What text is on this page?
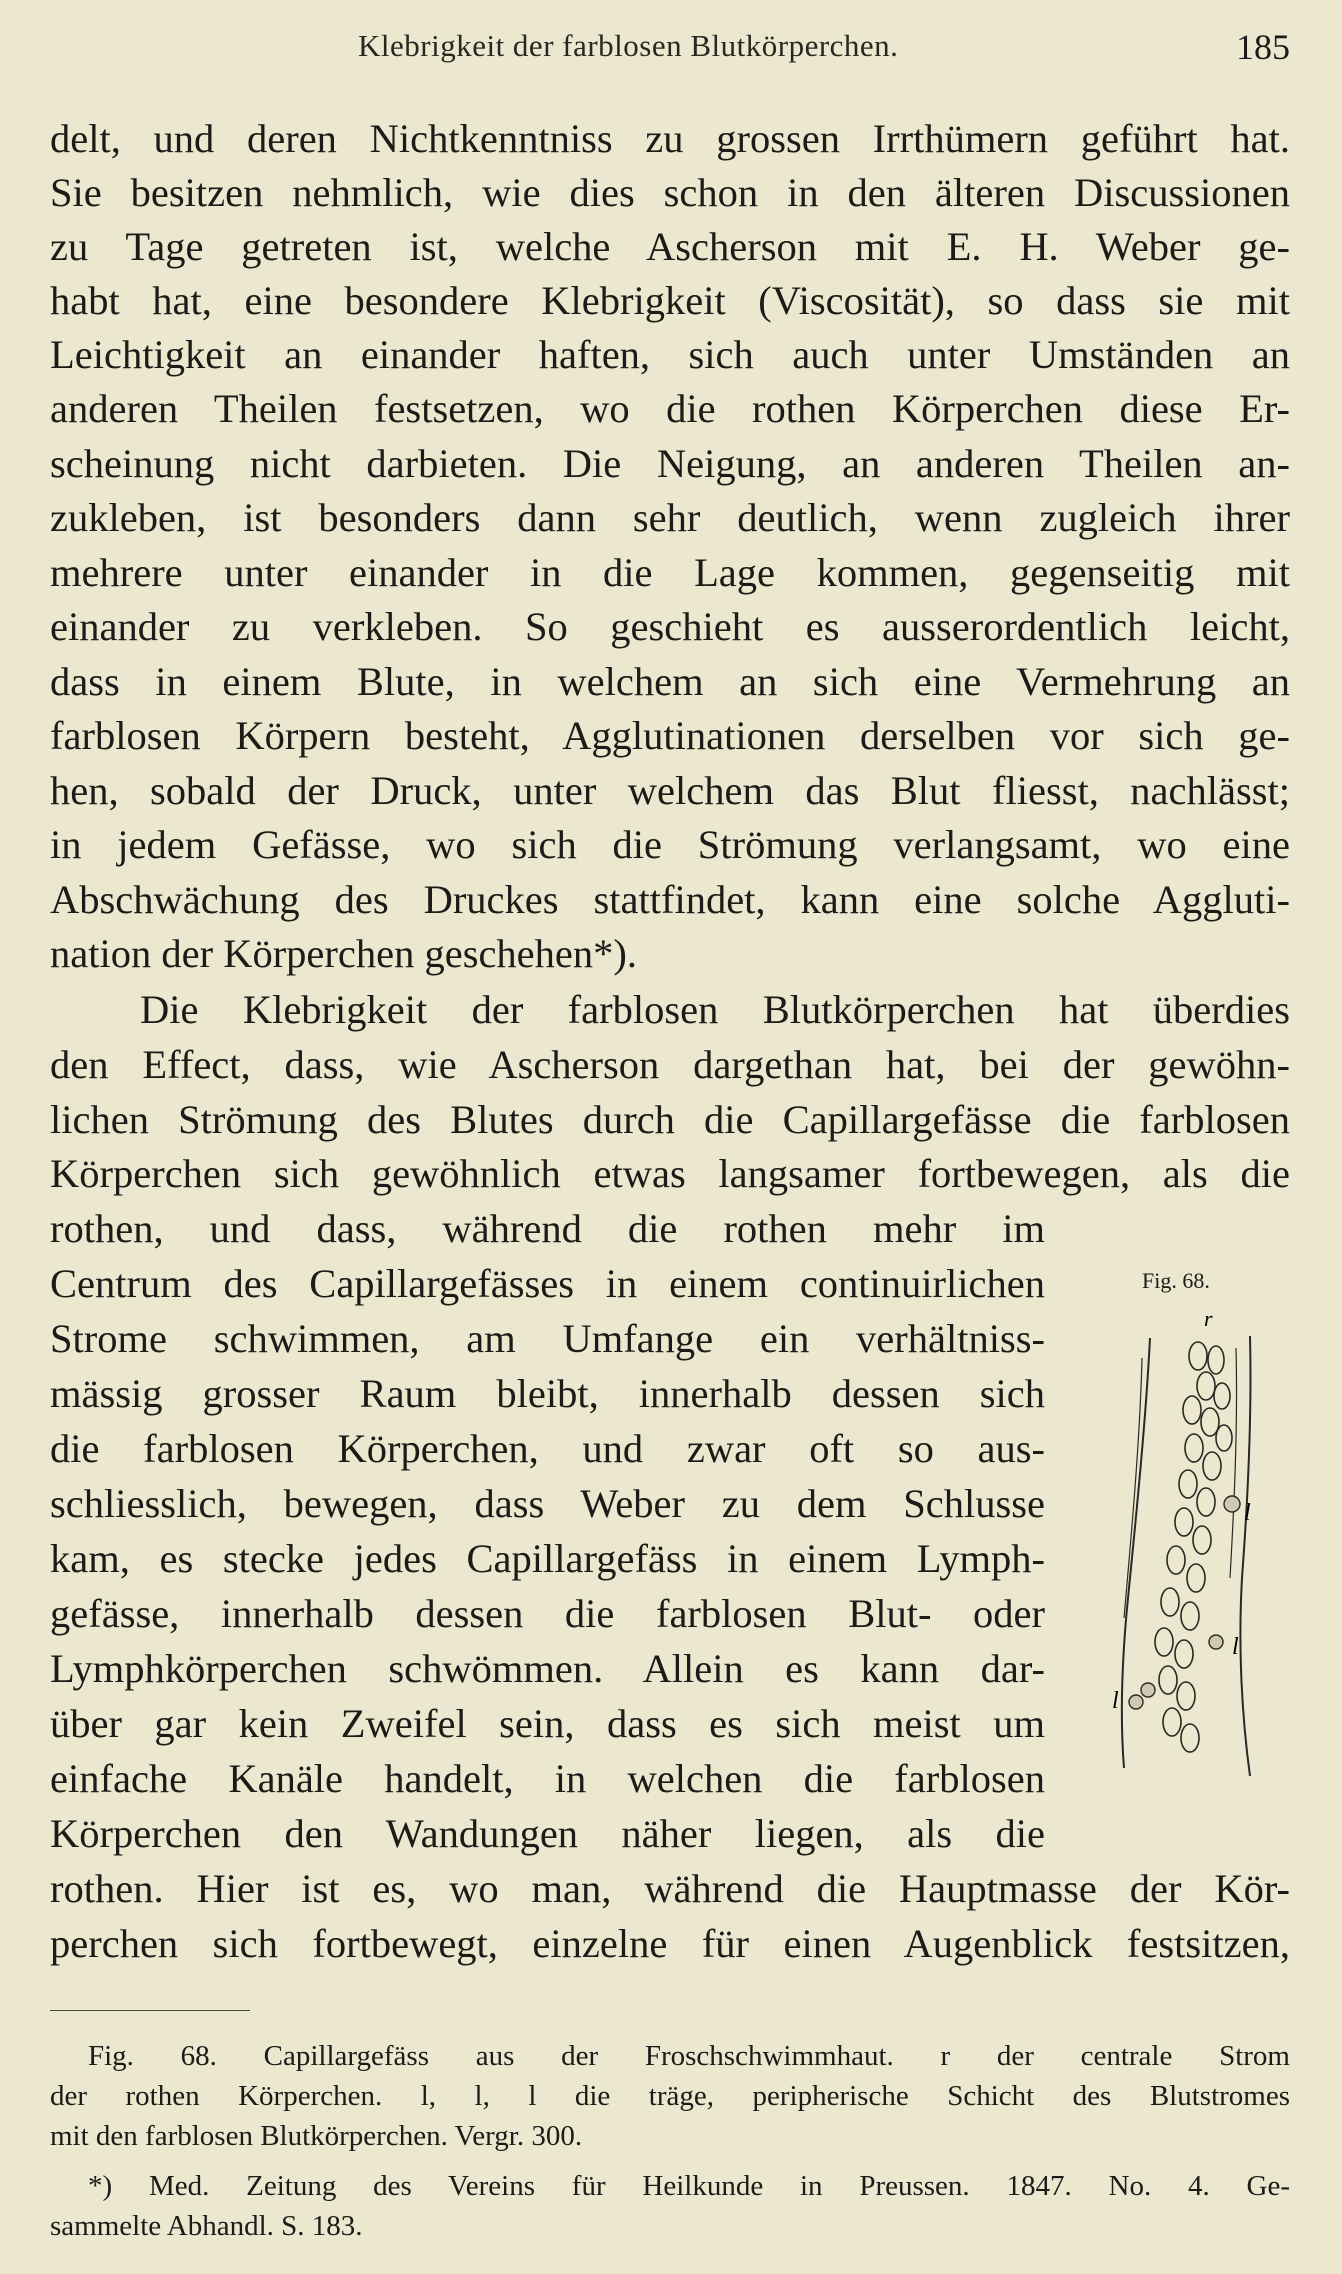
Klebrigkeit der farblosen Blutkörperchen.	185
delt, und deren Nichtkenntniss zu grossen Irrthümern geführt hat.
Sie besitzen nehmlich, wie dies schon in den älteren Discussionen
zu Tage getreten ist, welche Ascherson mit E. H. Weber ge-
habt hat, eine besondere Klebrigkeit (Viscosität), so dass sie mit
Leichtigkeit an einander haften, sich auch unter Umständen an
anderen Theilen festsetzen, wo die rothen Körperchen diese Er-
scheinung nicht darbieten. Die Neigung, an anderen Theilen an-
zukleben, ist besonders dann sehr deutlich, wenn zugleich ihrer
mehrere unter einander in die Lage kommen, gegenseitig mit
einander zu verkleben. So geschieht es ausserordentlich leicht,
dass in einem Blute, in welchem an sich eine Vermehrung an
farblosen Körpern besteht, Agglutinationen derselben vor sich ge-
hen, sobald der Druck, unter welchem das Blut fliesst, nachlässt;
in jedem Gefässe, wo sich die Strömung verlangsamt, wo eine
Abschwächung des Druckes stattfindet, kann eine solche Aggluti-
nation der Körperchen geschehen*).
Die Klebrigkeit der farblosen Blutkörperchen hat überdies
den Effect, dass, wie Ascherson dargethan hat, bei der gewöhn-
lichen Strömung des Blutes durch die Capillargefässe die farblosen
Körperchen sich gewöhnlich etwas langsamer fortbewegen, als die
rothen, und dass, während die rothen mehr im
Centrum des Capillargefässes in einem continuirlichen
Strome schwimmen, am Umfange ein verhältniss-
mässig grosser Raum bleibt, innerhalb dessen sich
die farblosen Körperchen, und zwar oft so aus-
schliesslich, bewegen, dass Weber zu dem Schlusse
kam, es stecke jedes Capillargefäss in einem Lymph-
gefässe, innerhalb dessen die farblosen Blut- oder
Lymphkörperchen schwömmen. Allein es kann dar-
über gar kein Zweifel sein, dass es sich meist um
einfache Kanäle handelt, in welchen die farblosen
Körperchen den Wandungen näher liegen, als die
rothen. Hier ist es, wo man, während die Hauptmasse der Kör-
perchen sich fortbewegt, einzelne für einen Augenblick festsitzen,
Fig. 68.
r
l
l
l
Fig. 68. Capillargefäss aus der Froschschwimmhaut. r der centrale Strom
der rothen Körperchen. l, l, l die träge, peripherische Schicht des Blutstromes
mit den farblosen Blutkörperchen. Vergr. 300.
*) Med. Zeitung des Vereins für Heilkunde in Preussen. 1847. No. 4. Ge-
sammelte Abhandl. S. 183.
